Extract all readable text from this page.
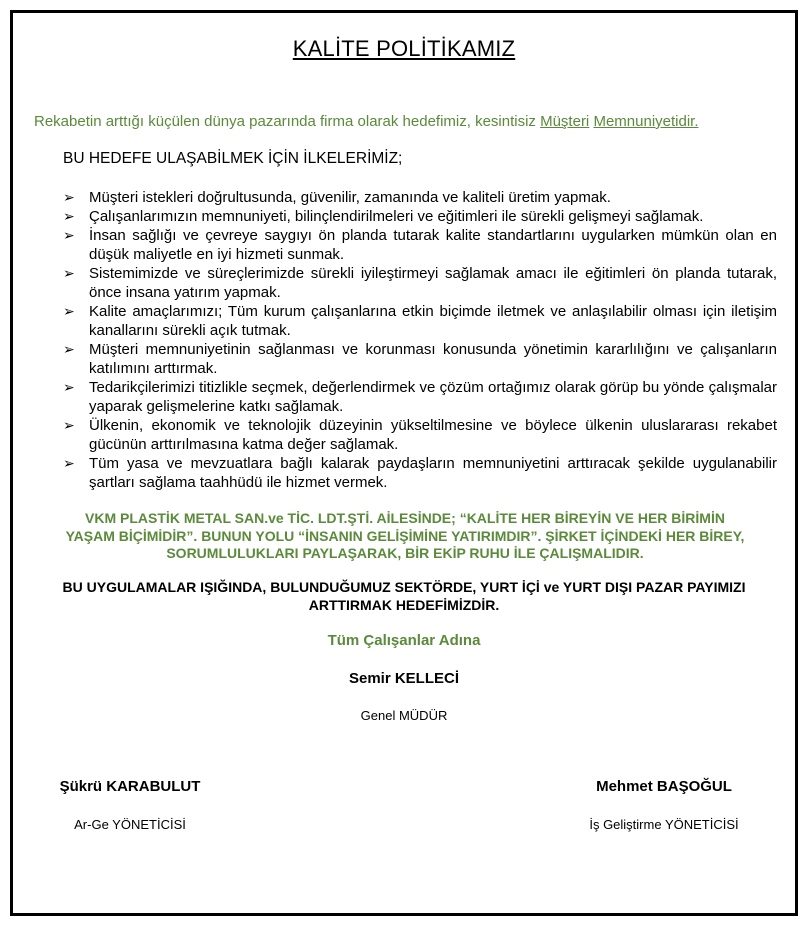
KALİTE POLİTİKAMIZ
Rekabetin arttığı küçülen dünya pazarında firma olarak hedefimiz, kesintisiz Müşteri Memnuniyetidir.
BU HEDEFE ULAŞABİLMEK İÇİN İLKELERİMİZ;
➢ Müşteri istekleri doğrultusunda, güvenilir, zamanında ve kaliteli üretim yapmak.
➢ Çalışanlarımızın memnuniyeti, bilinçlendirilmeleri ve eğitimleri ile sürekli gelişmeyi sağlamak.
➢ İnsan sağlığı ve çevreye saygıyı ön planda tutarak kalite standartlarını uygularken mümkün olan en düşük maliyetle en iyi hizmeti sunmak.
➢ Sistemimizde ve süreçlerimizde sürekli iyileştirmeyi sağlamak amacı ile eğitimleri ön planda tutarak, önce insana yatırım yapmak.
➢ Kalite amaçlarımızı; Tüm kurum çalışanlarına etkin biçimde iletmek ve anlaşılabilir olması için iletişim kanallarını sürekli açık tutmak.
➢ Müşteri memnuniyetinin sağlanması ve korunması konusunda yönetimin kararlılığını ve çalışanların katılımını arttırmak.
➢ Tedarikçilerimizi titizlikle seçmek, değerlendirmek ve çözüm ortağımız olarak görüp bu yönde çalışmalar yaparak gelişmelerine katkı sağlamak.
➢ Ülkenin, ekonomik ve teknolojik düzeyinin yükseltilmesine ve böylece ülkenin uluslararası rekabet gücünün arttırılmasına katma değer sağlamak.
➢ Tüm yasa ve mevzuatlara bağlı kalarak paydaşların memnuniyetini arttıracak şekilde uygulanabilir şartları sağlama taahhüdü ile hizmet vermek.
VKM PLASTİK METAL SAN.ve TİC. LDT.ŞTİ. AİLESİNDE; “KALİTE HER BİREYİN VE HER BİRİMİN YAŞAM BİÇİMİDİR”. BUNUN YOLU “İNSANIN GELİŞİMİNE YATIRIMDIR”. ŞİRKET İÇİNDEKİ HER BİREY, SORUMLULUKLARI PAYLAŞARAK, BİR EKİP RUHU İLE ÇALIŞMALIDIR.
BU UYGULAMALAR IŞIĞINDA, BULUNDUĞUMUZ SEKTÖRDE, YURT İÇİ ve YURT DIŞI PAZAR PAYIMIZI ARTTIRMAK HEDEFİMİZDİR.
Tüm Çalışanlar Adına
Semir KELLECİ
Genel MÜDÜR
Şükrü KARABULUT
Ar-Ge YÖNETİCİSİ
Mehmet BAŞOĞUL
İş Geliştirme YÖNETİCİSİ
